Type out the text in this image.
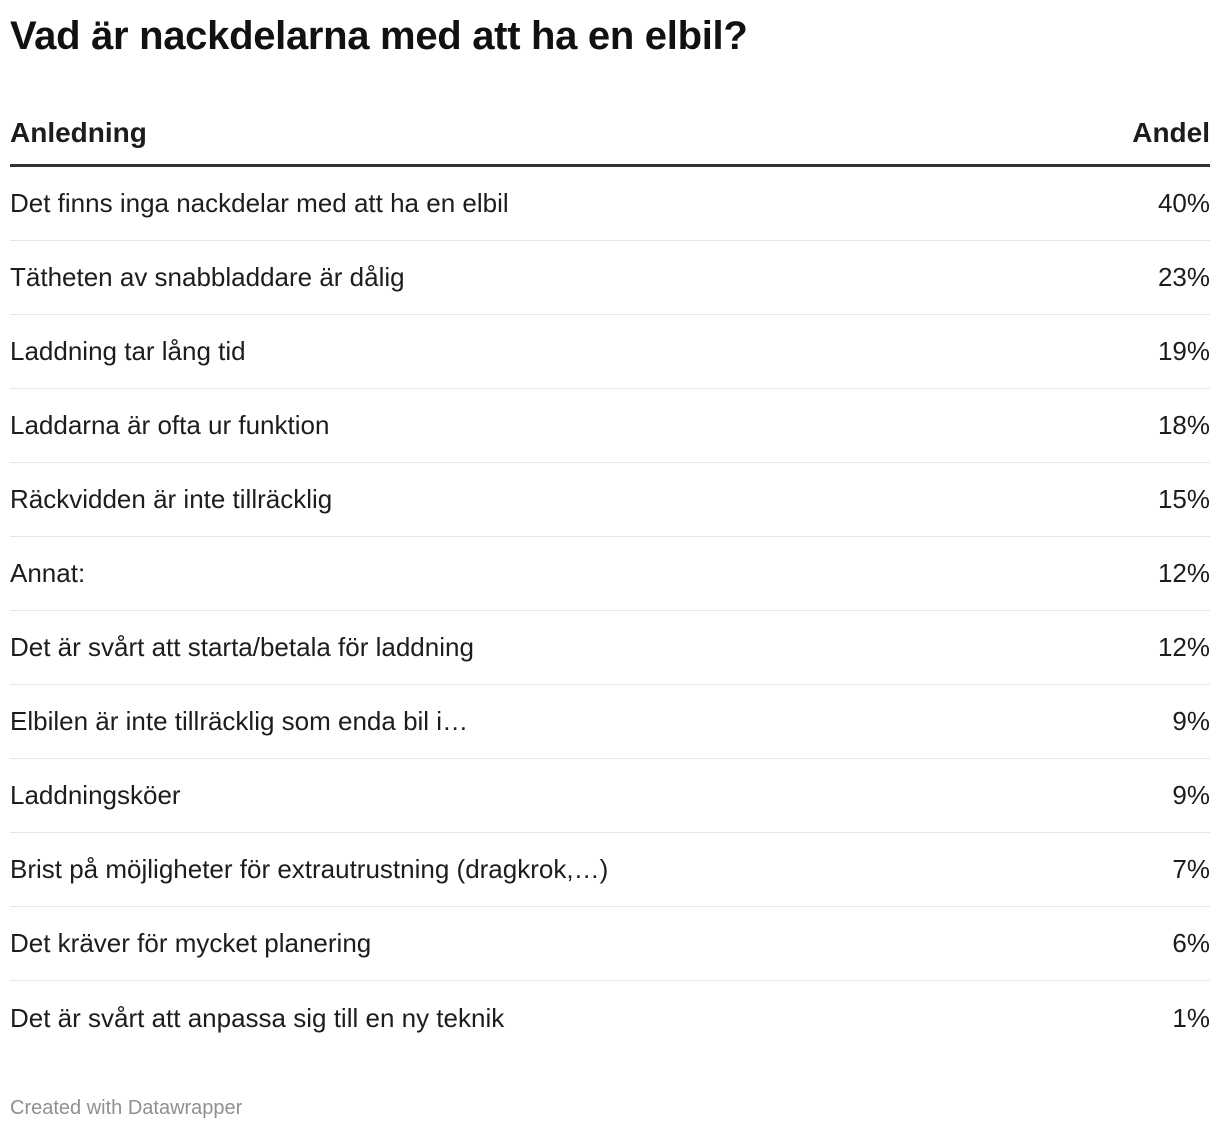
Vad är nackdelarna med att ha en elbil?
Anledning	Andel
Det finns inga nackdelar med att ha en elbil	40%
Tätheten av snabbladdare är dålig	23%
Laddning tar lång tid	19%
Laddarna är ofta ur funktion	18%
Räckvidden är inte tillräcklig	15%
Annat:	12%
Det är svårt att starta/betala för laddning	12%
Elbilen är inte tillräcklig som enda bil i…	9%
Laddningsköer	9%
Brist på möjligheter för extrautrustning (dragkrok,…)	7%
Det kräver för mycket planering	6%
Det är svårt att anpassa sig till en ny teknik	1%
Created with Datawrapper
